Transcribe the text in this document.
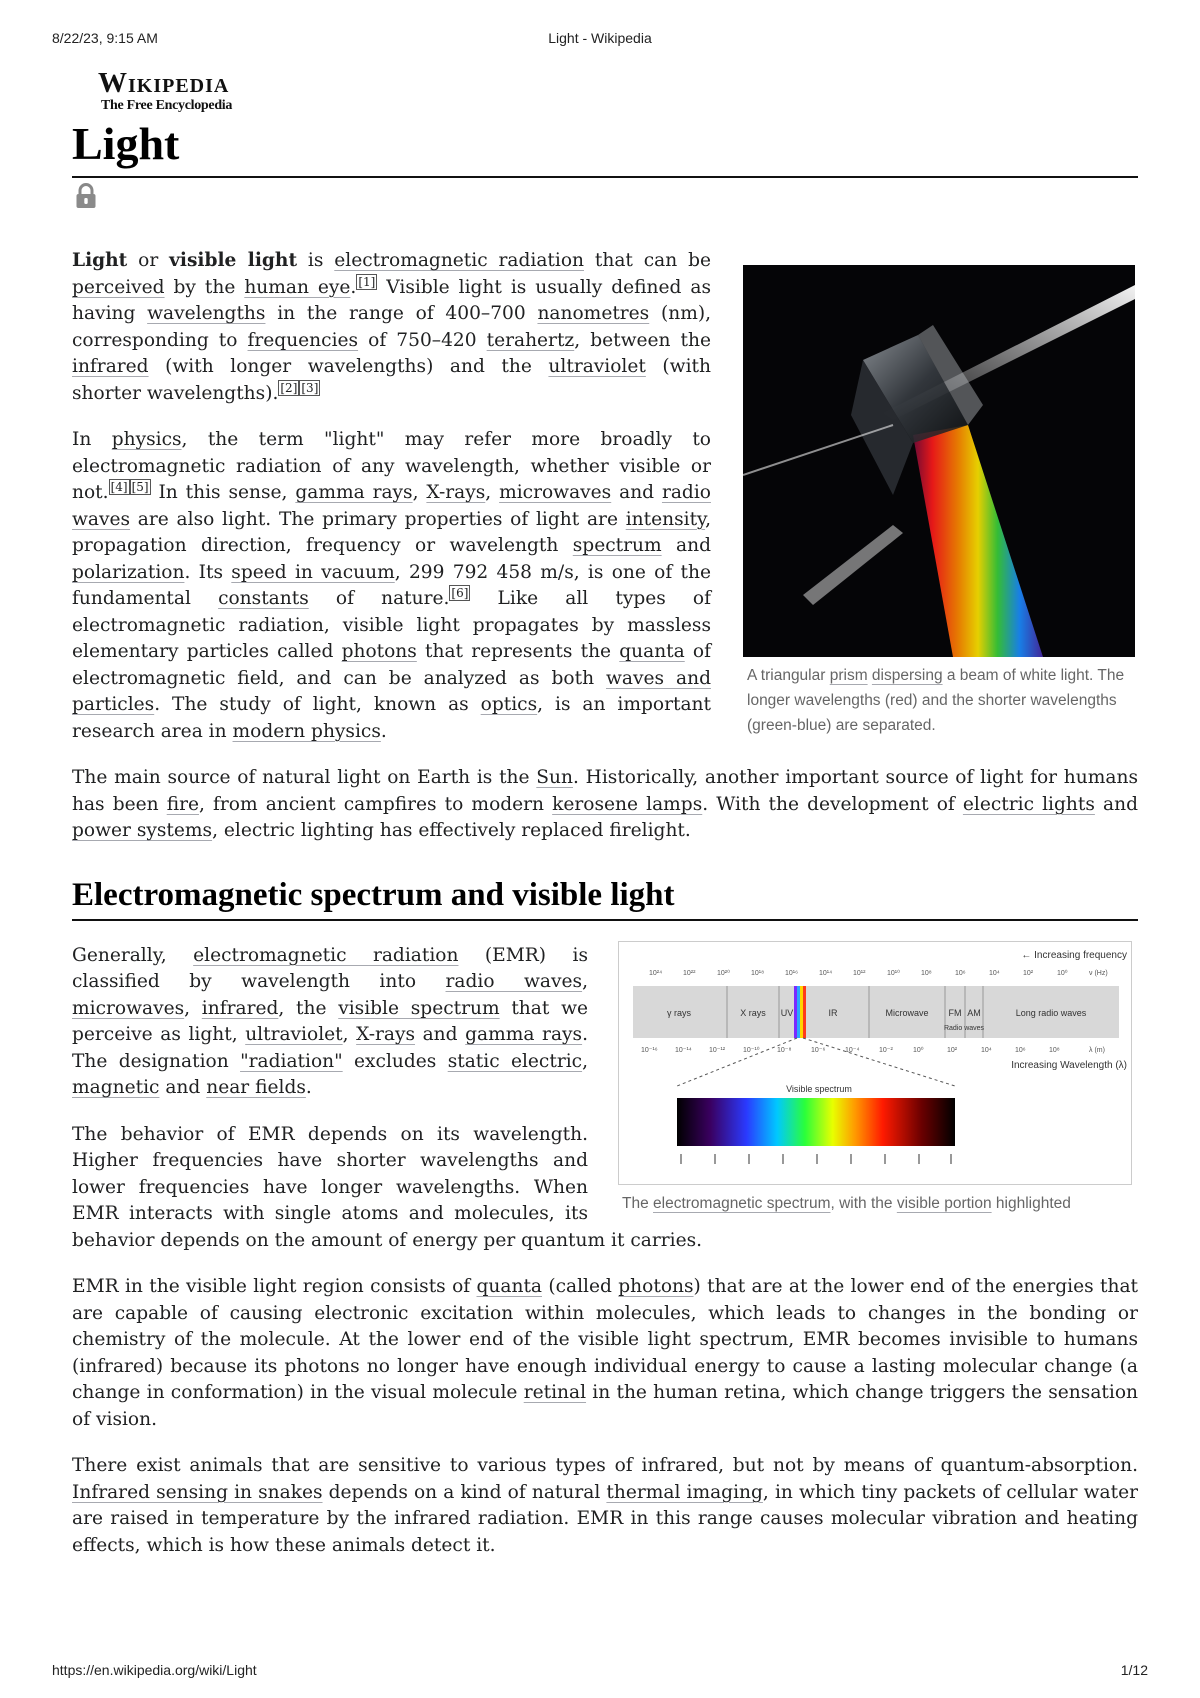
8/22/23, 9:15 AM	Light - Wikipedia
Wikipedia
The Free Encyclopedia
Light
A triangular prism dispersing a beam of white light. The longer wavelengths (red) and the shorter wavelengths (green-blue) are separated.

Light or visible light is electromagnetic radiation that can be perceived by the human eye. [1] Visible light is usually defined as having wavelengths in the range of 400–700 nanometres (nm), corresponding to frequencies of 750–420 terahertz, between the infrared (with longer wavelengths) and the ultraviolet (with shorter wavelengths). [2] [3]

In physics, the term "light" may refer more broadly to electromagnetic radiation of any wavelength, whether visible or not. [4] [5] In this sense, gamma rays, X-rays, microwaves and radio waves are also light. The primary properties of light are intensity, propagation direction, frequency or wavelength spectrum and polarization. Its speed in vacuum, 299 792 458 m/s, is one of the fundamental constants of nature. [6] Like all types of electromagnetic radiation, visible light propagates by massless elementary particles called photons that represents the quanta of electromagnetic field, and can be analyzed as both waves and particles. The study of light, known as optics, is an important research area in modern physics.

The main source of natural light on Earth is the Sun. Historically, another important source of light for humans has been fire, from ancient campfires to modern kerosene lamps. With the development of electric lights and power systems, electric lighting has effectively replaced firelight.

Electromagnetic spectrum and visible light
← Increasing frequency
10²⁴	10²²	10²⁰	10¹⁸	10¹⁶	10¹⁴	10¹²	10¹⁰	10⁸	10⁶	10⁴	10²	10⁰	ν (Hz)
γ rays	X rays UV	IR	Microwave FM AM
Radio waves
Long radio waves
10⁻¹⁶ 10⁻¹⁴ 10⁻¹²	10⁻¹⁰ 10⁻⁸	10⁻⁶	10⁻⁴	10⁻²	10⁰	10²	10⁴	10⁶	10⁸	λ (m)
Increasing Wavelength (λ)
Visible spectrum
The electromagnetic spectrum, with the visible portion highlighted

Generally, electromagnetic radiation (EMR) is classified by wavelength into radio waves, microwaves, infrared, the visible spectrum that we perceive as light, ultraviolet, X-rays and gamma rays. The designation "radiation" excludes static electric, magnetic and near fields.

The behavior of EMR depends on its wavelength. Higher frequencies have shorter wavelengths and lower frequencies have longer wavelengths. When EMR interacts with single atoms and molecules, its behavior depends on the amount of energy per quantum it carries.

EMR in the visible light region consists of quanta (called photons) that are at the lower end of the energies that are capable of causing electronic excitation within molecules, which leads to changes in the bonding or chemistry of the molecule. At the lower end of the visible light spectrum, EMR becomes invisible to humans (infrared) because its photons no longer have enough individual energy to cause a lasting molecular change (a change in conformation) in the visual molecule retinal in the human retina, which change triggers the sensation of vision.

There exist animals that are sensitive to various types of infrared, but not by means of quantum-absorption. Infrared sensing in snakes depends on a kind of natural thermal imaging, in which tiny packets of cellular water are raised in temperature by the infrared radiation. EMR in this range causes molecular vibration and heating effects, which is how these animals detect it.

https://en.wikipedia.org/wiki/Light	1/12
